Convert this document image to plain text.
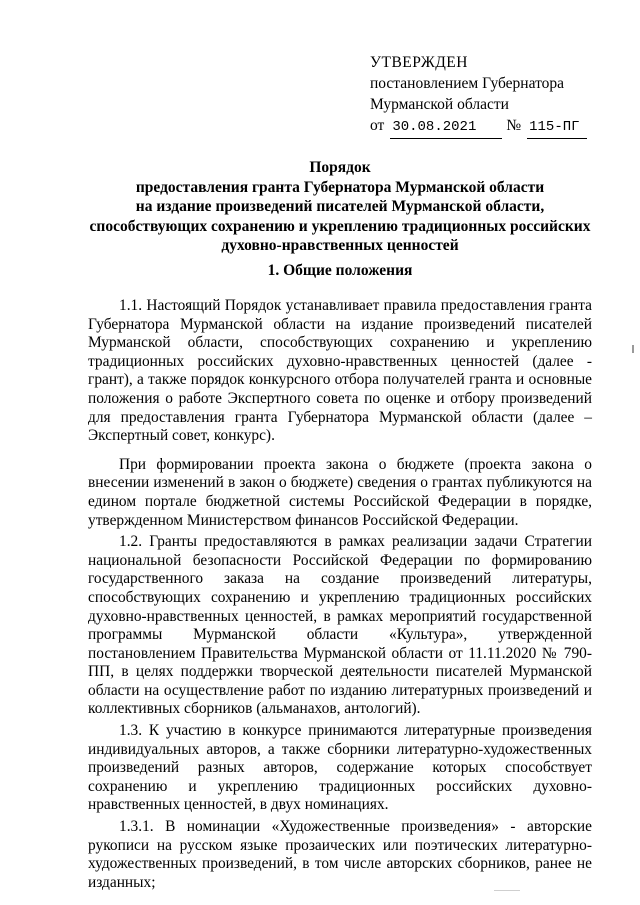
УТВЕРЖДЕН
постановлением Губернатора
Мурманской области
от 30.08.2021	№ 115-ПГ
Порядок
предоставления гранта Губернатора Мурманской области
на издание произведений писателей Мурманской области,
способствующих сохранению и укреплению традиционных российских
духовно-нравственных ценностей
1. Общие положения

1.1. Настоящий Порядок устанавливает правила предоставления гранта Губернатора Мурманской области на издание произведений писателей Мурманской области, способствующих сохранению и укреплению традиционных российских духовно-нравственных ценностей (далее - грант), а также порядок конкурсного отбора получателей гранта и основные положения о работе Экспертного совета по оценке и отбору произведений для предоставления гранта Губернатора Мурманской области (далее – Экспертный совет, конкурс).

При формировании проекта закона о бюджете (проекта закона о внесении изменений в закон о бюджете) сведения о грантах публикуются на едином портале бюджетной системы Российской Федерации в порядке, утвержденном Министерством финансов Российской Федерации.

1.2. Гранты предоставляются в рамках реализации задачи Стратегии национальной безопасности Российской Федерации по формированию государственного заказа на создание произведений литературы, способствующих сохранению и укреплению традиционных российских духовно-нравственных ценностей, в рамках мероприятий государственной программы Мурманской области «Культура», утвержденной постановлением Правительства Мурманской области от 11.11.2020 № 790-ПП, в целях поддержки творческой деятельности писателей Мурманской области на осуществление работ по изданию литературных произведений и коллективных сборников (альманахов, антологий).

1.3. К участию в конкурсе принимаются литературные произведения индивидуальных авторов, а также сборники литературно-художественных произведений разных авторов, содержание которых способствует сохранению и укреплению традиционных российских духовно-нравственных ценностей, в двух номинациях.

1.3.1. В номинации «Художественные произведения» - авторские рукописи на русском языке прозаических или поэтических литературно-художественных произведений, в том числе авторских сборников, ранее не изданных;
